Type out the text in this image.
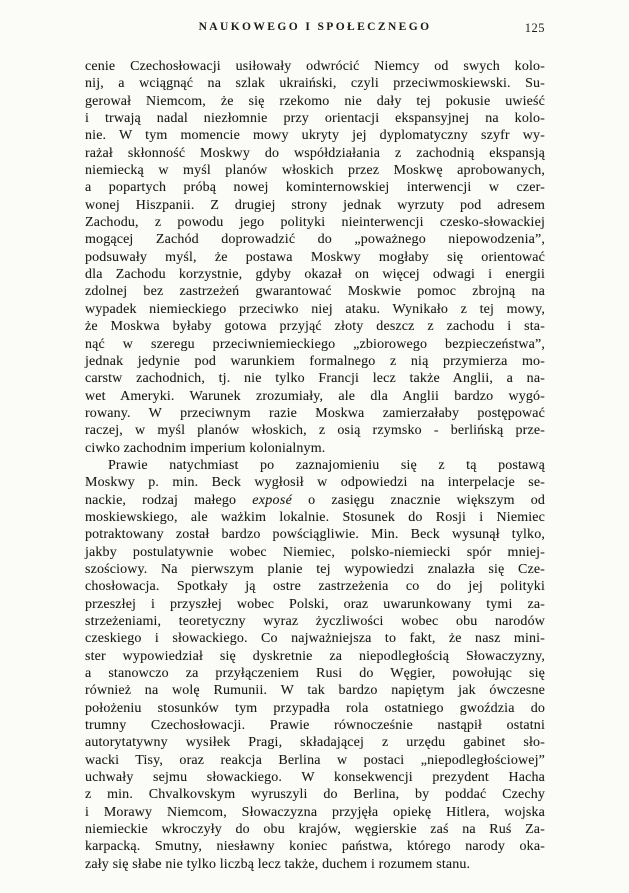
NAUKOWEGO I SPOŁECZNEGO	125
cenie Czechosłowacji usiłowały odwrócić Niemcy od swych kolo-
nij, a wciągnąć na szlak ukraiński, czyli przeciwmoskiewski. Su-
gerował Niemcom, że się rzekomo nie dały tej pokusie uwieść
i trwają nadal niezłomnie przy orientacji ekspansyjnej na kolo-
nie. W tym momencie mowy ukryty jej dyplomatyczny szyfr wy-
rażał skłonność Moskwy do współdziałania z zachodnią ekspansją
niemiecką w myśl planów włoskich przez Moskwę aprobowanych,
a popartych próbą nowej kominternowskiej interwencji w czer-
wonej Hiszpanii. Z drugiej strony jednak wyrzuty pod adresem
Zachodu, z powodu jego polityki nieinterwencji czesko-słowackiej
mogącej Zachód doprowadzić do „poważnego niepowodzenia”,
podsuwały myśl, że postawa Moskwy mogłaby się orientować
dla Zachodu korzystnie, gdyby okazał on więcej odwagi i energii
zdolnej bez zastrzeżeń gwarantować Moskwie pomoc zbrojną na
wypadek niemieckiego przeciwko niej ataku. Wynikało z tej mowy,
że Moskwa byłaby gotowa przyjąć złoty deszcz z zachodu i sta-
nąć w szeregu przeciwniemieckiego „zbiorowego bezpieczeństwa”,
jednak jedynie pod warunkiem formalnego z nią przymierza mo-
carstw zachodnich, tj. nie tylko Francji lecz także Anglii, a na-
wet Ameryki. Warunek zrozumiały, ale dla Anglii bardzo wygó-
rowany. W przeciwnym razie Moskwa zamierzałaby postępować
raczej, w myśl planów włoskich, z osią rzymsko - berlińską prze-
ciwko zachodnim imperium kolonialnym.
Prawie natychmiast po zaznajomieniu się z tą postawą
Moskwy p. min. Beck wygłosił w odpowiedzi na interpelacje se-
nackie, rodzaj małego exposé o zasięgu znacznie większym od
moskiewskiego, ale ważkim lokalnie. Stosunek do Rosji i Niemiec
potraktowany został bardzo powściągliwie. Min. Beck wysunął tylko,
jakby postulatywnie wobec Niemiec, polsko-niemiecki spór mniej-
szościowy. Na pierwszym planie tej wypowiedzi znalazła się Cze-
chosłowacja. Spotkały ją ostre zastrzeżenia co do jej polityki
przeszłej i przyszłej wobec Polski, oraz uwarunkowany tymi za-
strzeżeniami, teoretyczny wyraz życzliwości wobec obu narodów
czeskiego i słowackiego. Co najważniejsza to fakt, że nasz mini-
ster wypowiedział się dyskretnie za niepodległością Słowaczyzny,
a stanowczo za przyłączeniem Rusi do Węgier, powołując się
również na wolę Rumunii. W tak bardzo napiętym jak ówczesne
położeniu stosunków tym przypadła rola ostatniego gwoździa do
trumny Czechosłowacji. Prawie równocześnie nastąpił ostatni
autorytatywny wysiłek Pragi, składającej z urzędu gabinet sło-
wacki Tisy, oraz reakcja Berlina w postaci „niepodległościowej”
uchwały sejmu słowackiego. W konsekwencji prezydent Hacha
z min. Chvalkovskym wyruszyli do Berlina, by poddać Czechy
i Morawy Niemcom, Słowaczyzna przyjęła opiekę Hitlera, wojska
niemieckie wkroczyły do obu krajów, węgierskie zaś na Ruś Za-
karpacką. Smutny, niesławny koniec państwa, którego narody oka-
zały się słabe nie tylko liczbą lecz także, duchem i rozumem stanu.
